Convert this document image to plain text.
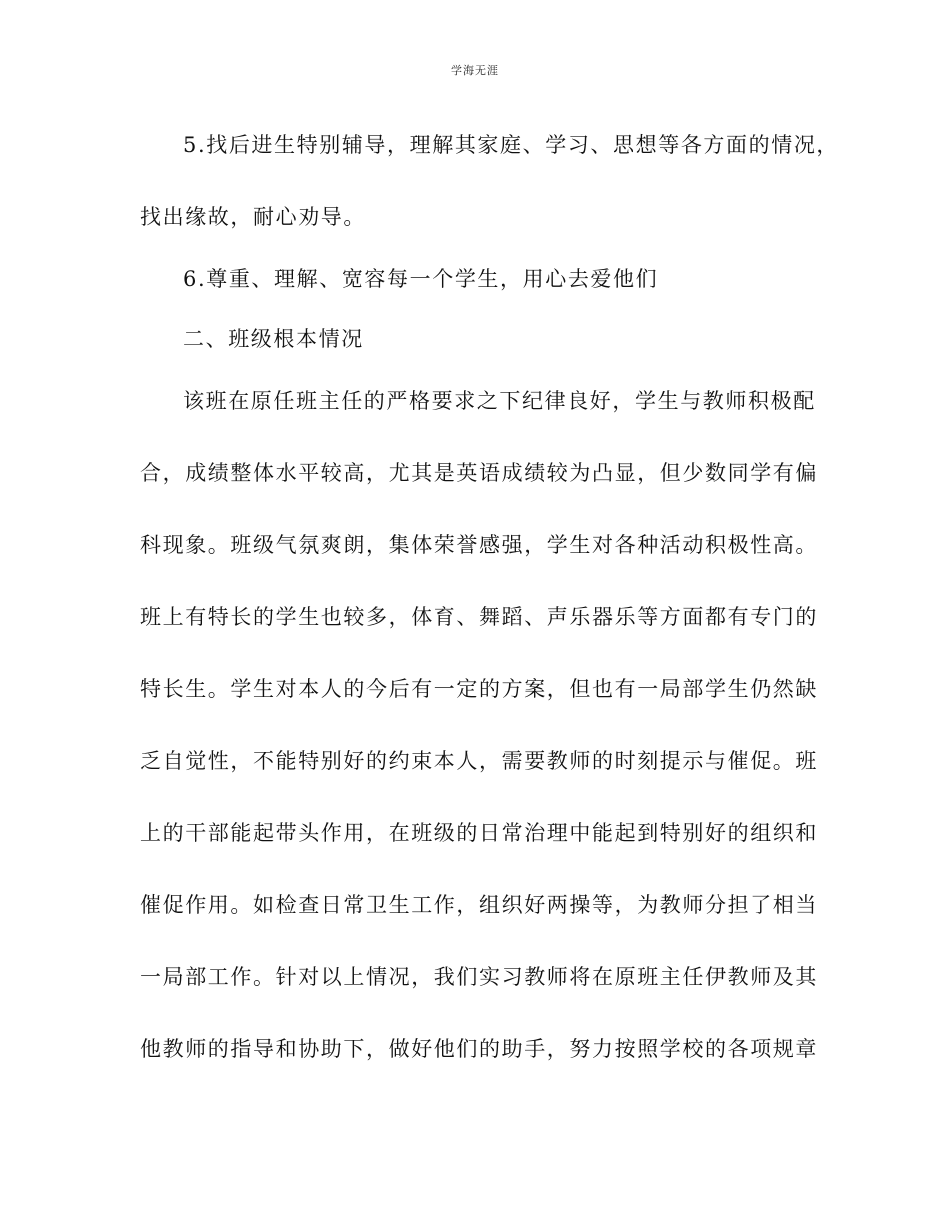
学海无涯
5.找后进生特别辅导，理解其家庭、学习、思想等各方面的情况，
找出缘故，耐心劝导。
6.尊重、理解、宽容每一个学生，用心去爱他们
二、班级根本情况
该班在原任班主任的严格要求之下纪律良好，学生与教师积极配
合，成绩整体水平较高，尤其是英语成绩较为凸显，但少数同学有偏
科现象。班级气氛爽朗，集体荣誉感强，学生对各种活动积极性高。
班上有特长的学生也较多，体育、舞蹈、声乐器乐等方面都有专门的
特长生。学生对本人的今后有一定的方案，但也有一局部学生仍然缺
乏自觉性，不能特别好的约束本人，需要教师的时刻提示与催促。班
上的干部能起带头作用，在班级的日常治理中能起到特别好的组织和
催促作用。如检查日常卫生工作，组织好两操等，为教师分担了相当
一局部工作。针对以上情况，我们实习教师将在原班主任伊教师及其
他教师的指导和协助下，做好他们的助手，努力按照学校的各项规章
